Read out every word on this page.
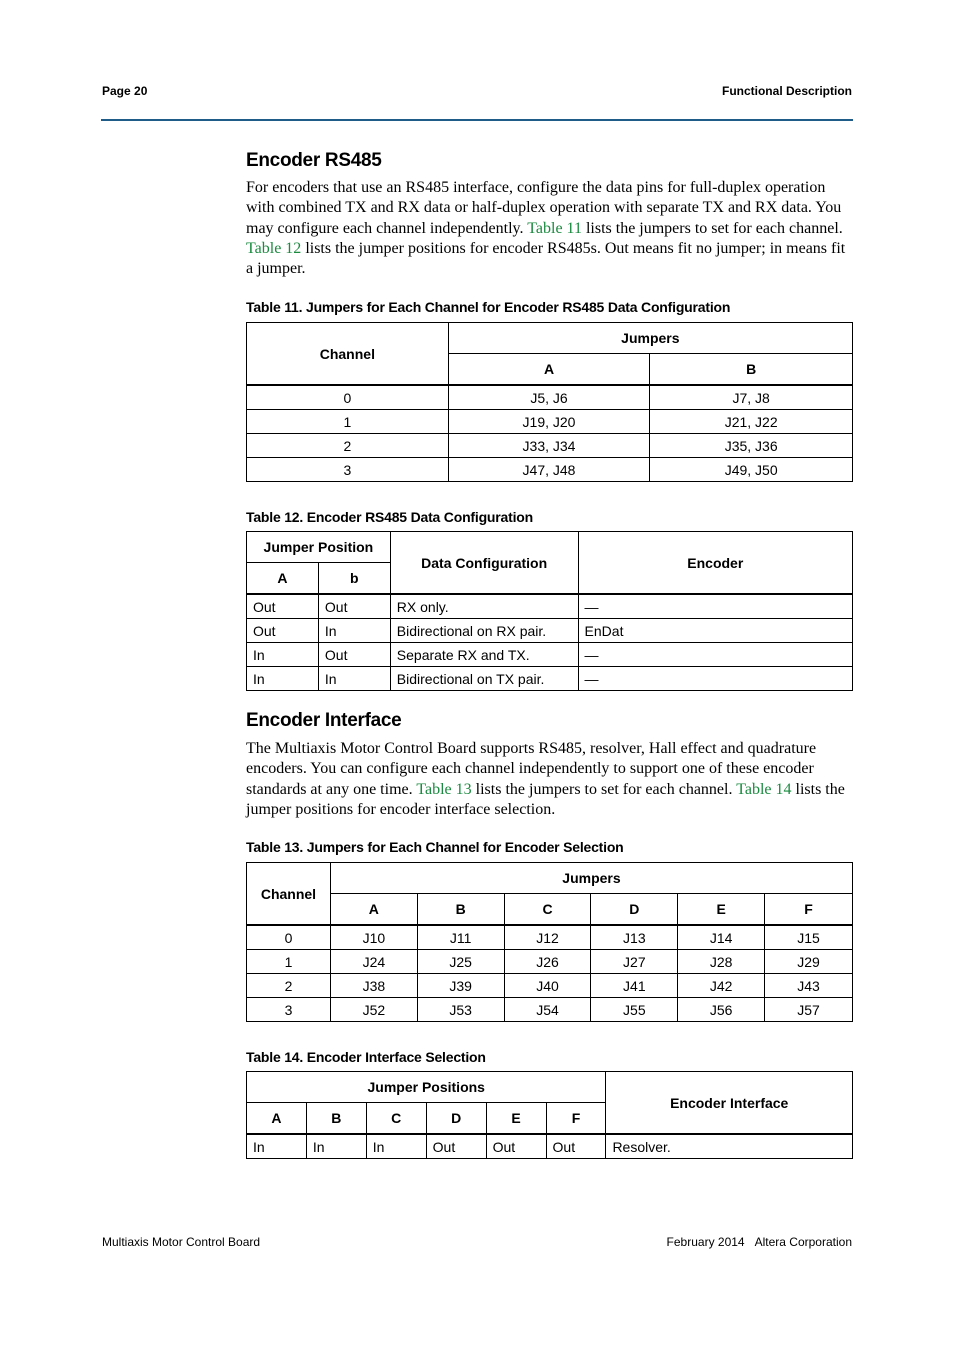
Page 20	Functional Description
Encoder RS485

For encoders that use an RS485 interface, configure the data pins for full-duplex operation with combined TX and RX data or half-duplex operation with separate TX and RX data. You may configure each channel independently. Table 11 lists the jumpers to set for each channel. Table 12 lists the jumper positions for encoder RS485s. Out means fit no jumper; in means fit a jumper.

Table 11. Jumpers for Each Channel for Encoder RS485 Data Configuration
Channel	Jumpers	
	A	B
0	J5, J6	J7, J8
1	J19, J20	J21, J22
2	J33, J34	J35, J36
3	J47, J48	J49, J50
Table 12. Encoder RS485 Data Configuration
Jumper Position		Data Configuration	Encoder
A	b		
Out	Out	RX only.	—
Out	In	Bidirectional on RX pair.	EnDat
In	Out	Separate RX and TX.	—
In	In	Bidirectional on TX pair.	—
Encoder Interface

The Multiaxis Motor Control Board supports RS485, resolver, Hall effect and quadrature encoders. You can configure each channel independently to support one of these encoder standards at any one time. Table 13 lists the jumpers to set for each channel. Table 14 lists the jumper positions for encoder interface selection.

Table 13. Jumpers for Each Channel for Encoder Selection
Channel	Jumpers					
	A	B	C	D	E	F
0	J10	J11	J12	J13	J14	J15
1	J24	J25	J26	J27	J28	J29
2	J38	J39	J40	J41	J42	J43
3	J52	J53	J54	J55	J56	J57
Table 14. Encoder Interface Selection
Jumper Positions						Encoder Interface
A	B	C	D	E	F	
In	In	In	Out	Out	Out	Resolver.
Multiaxis Motor Control Board	February 2014 Altera Corporation
